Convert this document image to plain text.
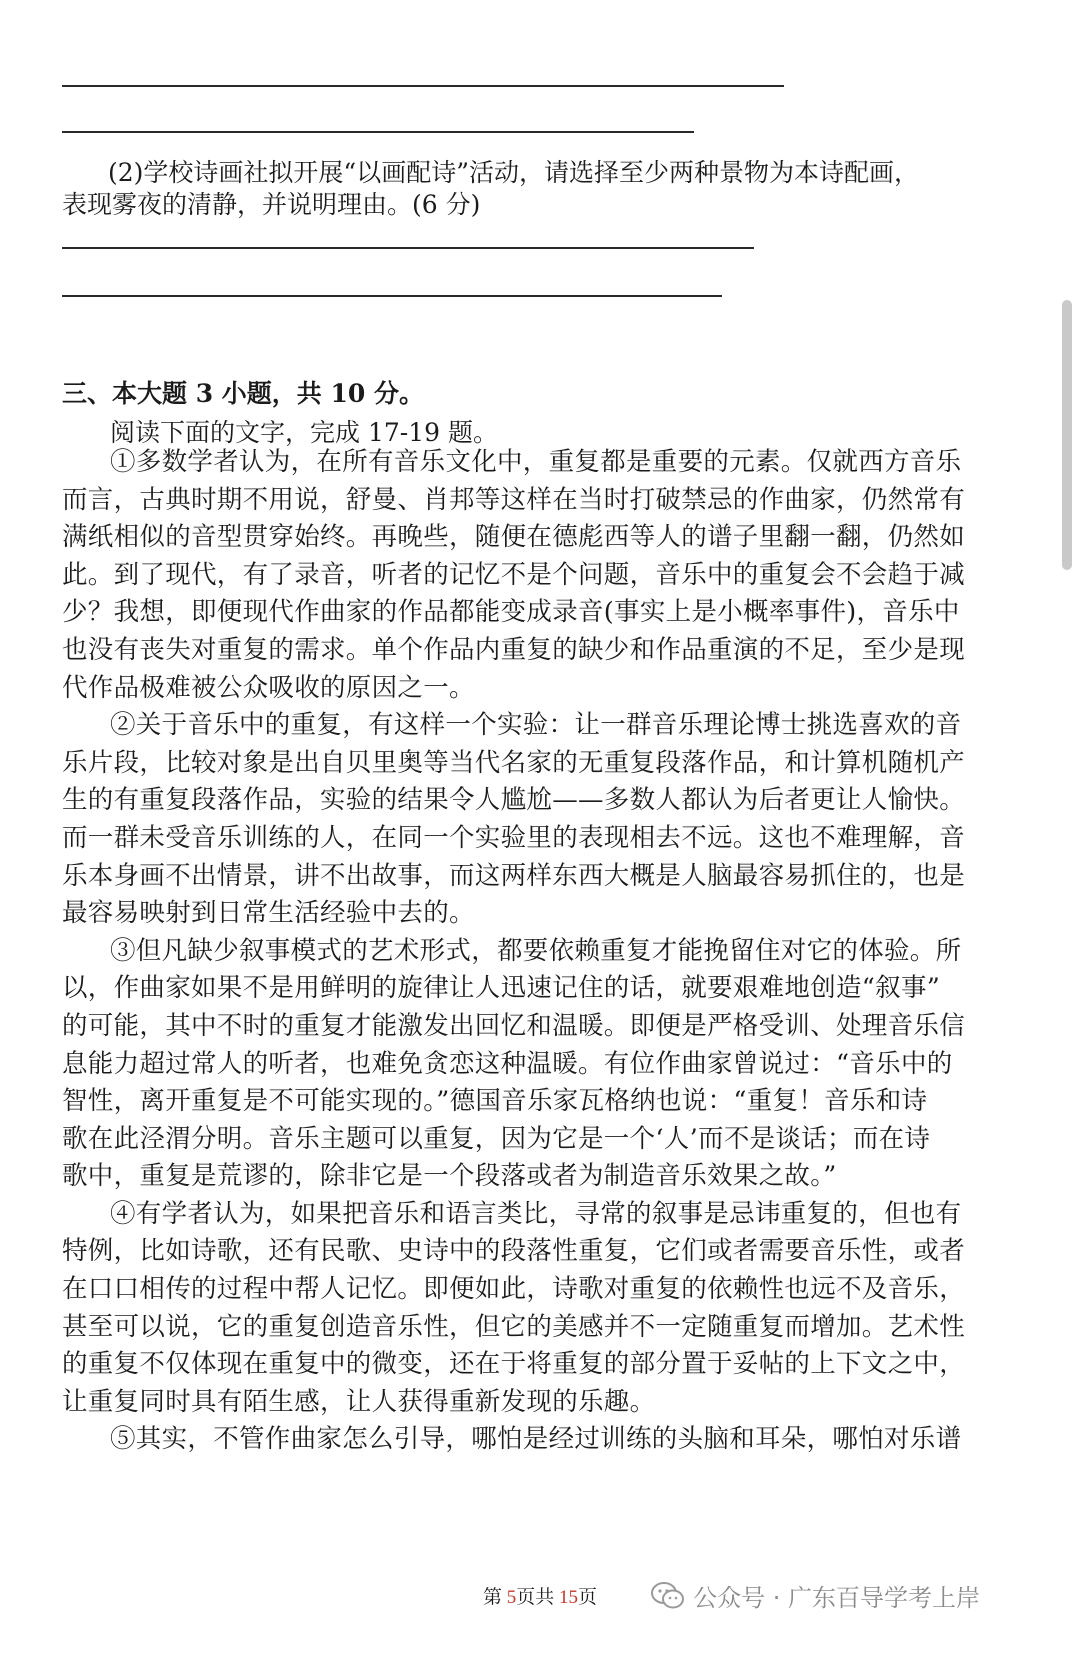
(2)学校诗画社拟开展“以画配诗”活动，请选择至少两种景物为本诗配画，
表现雾夜的清静，并说明理由。(6 分)
三、本大题 3 小题，共 10 分。
阅读下面的文字，完成 17-19 题。
①多数学者认为，在所有音乐文化中，重复都是重要的元素。仅就西方音乐
而言，古典时期不用说，舒曼、肖邦等这样在当时打破禁忌的作曲家，仍然常有
满纸相似的音型贯穿始终。再晚些，随便在德彪西等人的谱子里翻一翻，仍然如
此。到了现代，有了录音，听者的记忆不是个问题，音乐中的重复会不会趋于减
少？我想，即便现代作曲家的作品都能变成录音(事实上是小概率事件)，音乐中
也没有丧失对重复的需求。单个作品内重复的缺少和作品重演的不足，至少是现
代作品极难被公众吸收的原因之一。
②关于音乐中的重复，有这样一个实验：让一群音乐理论博士挑选喜欢的音
乐片段，比较对象是出自贝里奥等当代名家的无重复段落作品，和计算机随机产
生的有重复段落作品，实验的结果令人尴尬——多数人都认为后者更让人愉快。
而一群未受音乐训练的人，在同一个实验里的表现相去不远。这也不难理解，音
乐本身画不出情景，讲不出故事，而这两样东西大概是人脑最容易抓住的，也是
最容易映射到日常生活经验中去的。
③但凡缺少叙事模式的艺术形式，都要依赖重复才能挽留住对它的体验。所
以，作曲家如果不是用鲜明的旋律让人迅速记住的话，就要艰难地创造“叙事”
的可能，其中不时的重复才能激发出回忆和温暖。即便是严格受训、处理音乐信
息能力超过常人的听者，也难免贪恋这种温暖。有位作曲家曾说过：“音乐中的
智性，离开重复是不可能实现的。”德国音乐家瓦格纳也说：“重复！音乐和诗
歌在此泾渭分明。音乐主题可以重复，因为它是一个‘人’而不是谈话；而在诗
歌中，重复是荒谬的，除非它是一个段落或者为制造音乐效果之故。”
④有学者认为，如果把音乐和语言类比，寻常的叙事是忌讳重复的，但也有
特例，比如诗歌，还有民歌、史诗中的段落性重复，它们或者需要音乐性，或者
在口口相传的过程中帮人记忆。即便如此，诗歌对重复的依赖性也远不及音乐，
甚至可以说，它的重复创造音乐性，但它的美感并不一定随重复而增加。艺术性
的重复不仅体现在重复中的微变，还在于将重复的部分置于妥帖的上下文之中，
让重复同时具有陌生感，让人获得重新发现的乐趣。
⑤其实，不管作曲家怎么引导，哪怕是经过训练的头脑和耳朵，哪怕对乐谱
第 5页共 15页	公众号 · 广东百导学考上岸
